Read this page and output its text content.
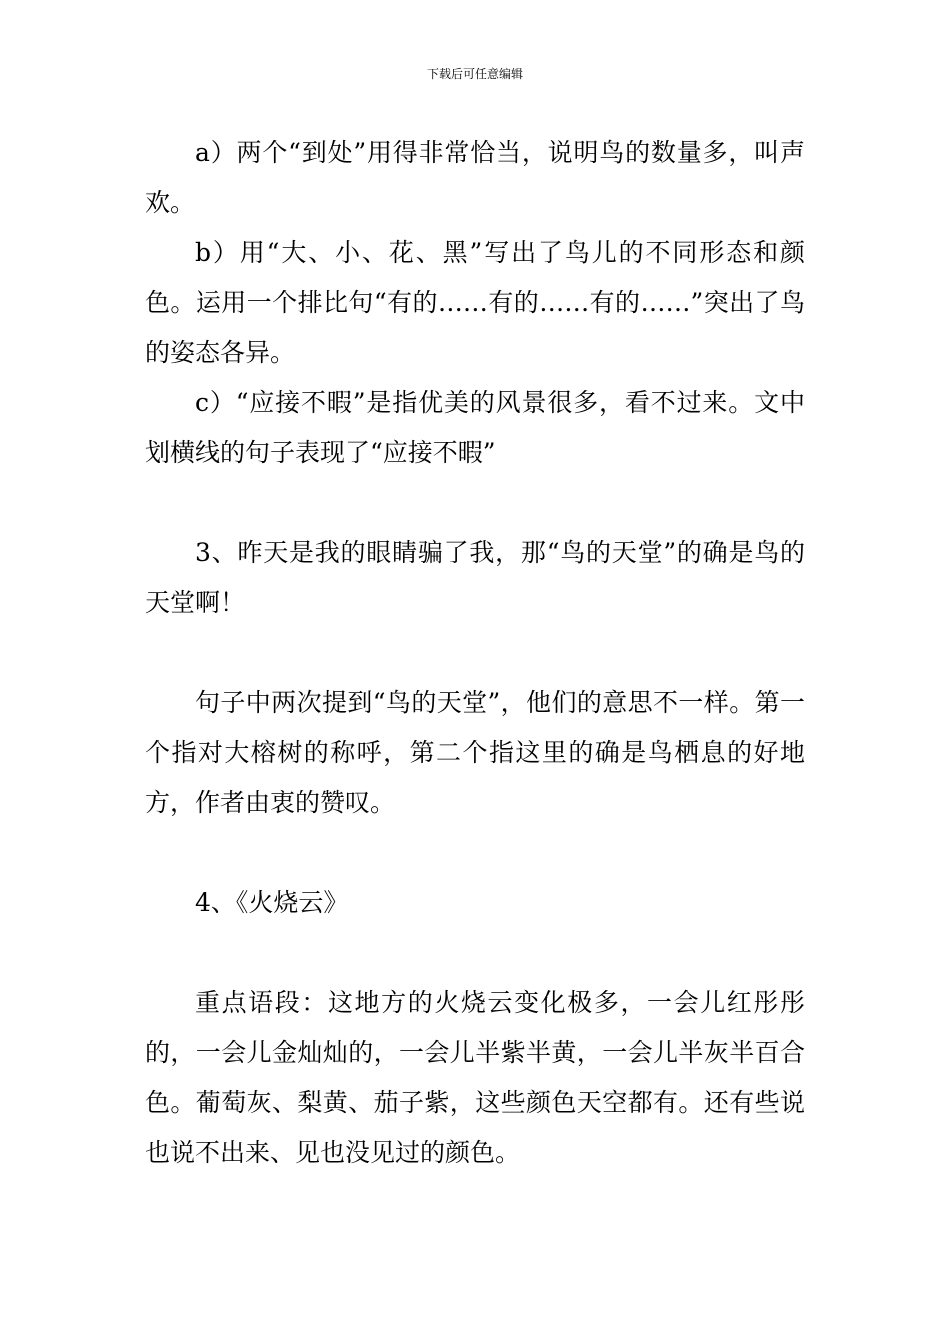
下载后可任意编辑

a）两个“到处”用得非常恰当，说明鸟的数量多，叫声欢。

b）用“大、小、花、黑”写出了鸟儿的不同形态和颜色。运用一个排比句“有的……有的……有的……”突出了鸟的姿态各异。

c）“应接不暇”是指优美的风景很多，看不过来。文中划横线的句子表现了“应接不暇”

3、昨天是我的眼睛骗了我，那“鸟的天堂”的确是鸟的天堂啊！

句子中两次提到“鸟的天堂”，他们的意思不一样。第一个指对大榕树的称呼，第二个指这里的确是鸟栖息的好地方，作者由衷的赞叹。

4、《火烧云》

重点语段：这地方的火烧云变化极多，一会儿红彤彤的，一会儿金灿灿的，一会儿半紫半黄，一会儿半灰半百合色。葡萄灰、梨黄、茄子紫，这些颜色天空都有。还有些说也说不出来、见也没见过的颜色。
